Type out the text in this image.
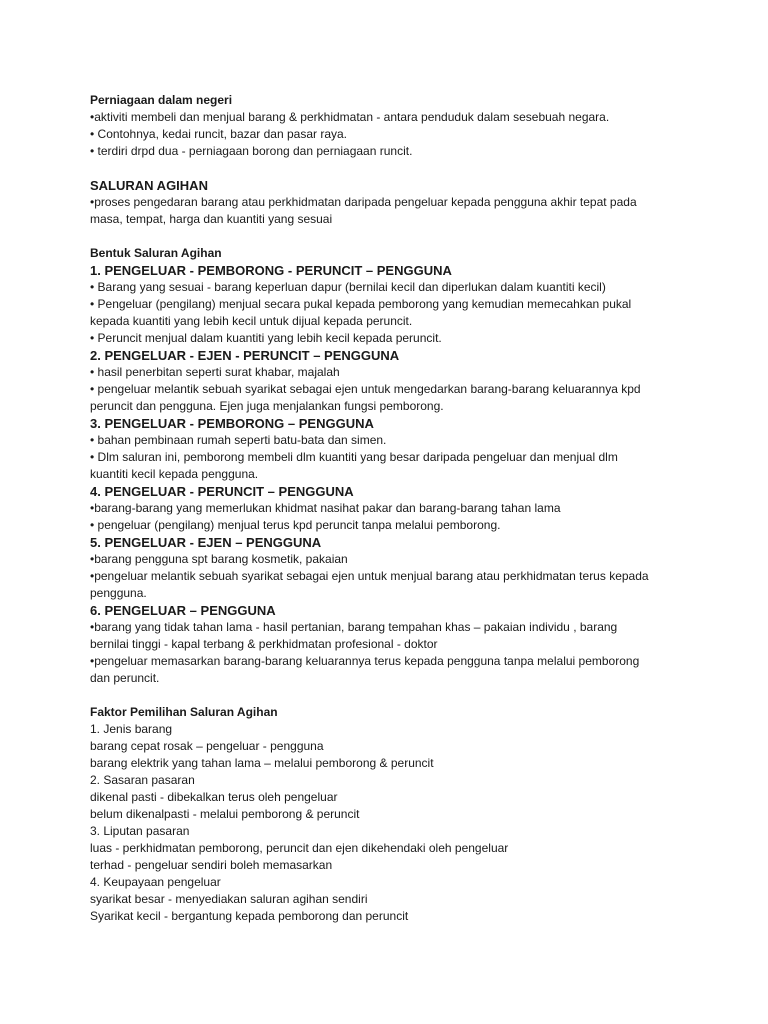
Perniagaan dalam negeri

•aktiviti membeli dan menjual barang & perkhidmatan - antara penduduk dalam sesebuah negara.

• Contohnya, kedai runcit, bazar dan pasar raya.

• terdiri drpd dua - perniagaan borong dan perniagaan runcit.

SALURAN AGIHAN

•proses pengedaran barang atau perkhidmatan daripada pengeluar kepada pengguna akhir tepat pada

masa, tempat, harga dan kuantiti yang sesuai

Bentuk Saluran Agihan

1. PENGELUAR - PEMBORONG - PERUNCIT – PENGGUNA

• Barang yang sesuai - barang keperluan dapur (bernilai kecil dan diperlukan dalam kuantiti kecil)

• Pengeluar (pengilang) menjual secara pukal kepada pemborong yang kemudian memecahkan pukal

kepada kuantiti yang lebih kecil untuk dijual kepada peruncit.

• Peruncit menjual dalam kuantiti yang lebih kecil kepada peruncit.

2. PENGELUAR - EJEN - PERUNCIT – PENGGUNA

• hasil penerbitan seperti surat khabar, majalah

• pengeluar melantik sebuah syarikat sebagai ejen untuk mengedarkan barang-barang keluarannya kpd

peruncit dan pengguna. Ejen juga menjalankan fungsi pemborong.

3. PENGELUAR - PEMBORONG – PENGGUNA

• bahan pembinaan rumah seperti batu-bata dan simen.

• Dlm saluran ini, pemborong membeli dlm kuantiti yang besar daripada pengeluar dan menjual dlm

kuantiti kecil kepada pengguna.

4. PENGELUAR - PERUNCIT – PENGGUNA

•barang-barang yang memerlukan khidmat nasihat pakar dan barang-barang tahan lama

• pengeluar (pengilang) menjual terus kpd peruncit tanpa melalui pemborong.

5. PENGELUAR - EJEN – PENGGUNA

•barang pengguna spt barang kosmetik, pakaian

•pengeluar melantik sebuah syarikat sebagai ejen untuk menjual barang atau perkhidmatan terus kepada

pengguna.

6. PENGELUAR – PENGGUNA

•barang yang tidak tahan lama - hasil pertanian, barang tempahan khas – pakaian individu , barang

bernilai tinggi - kapal terbang & perkhidmatan profesional - doktor

•pengeluar memasarkan barang-barang keluarannya terus kepada pengguna tanpa melalui pemborong

dan peruncit.

Faktor Pemilihan Saluran Agihan

1. Jenis barang

barang cepat rosak – pengeluar - pengguna

barang elektrik yang tahan lama – melalui pemborong & peruncit

2. Sasaran pasaran

dikenal pasti - dibekalkan terus oleh pengeluar

belum dikenalpasti - melalui pemborong & peruncit

3. Liputan pasaran

luas - perkhidmatan pemborong, peruncit dan ejen dikehendaki oleh pengeluar

terhad - pengeluar sendiri boleh memasarkan

4. Keupayaan pengeluar

syarikat besar - menyediakan saluran agihan sendiri

Syarikat kecil - bergantung kepada pemborong dan peruncit
